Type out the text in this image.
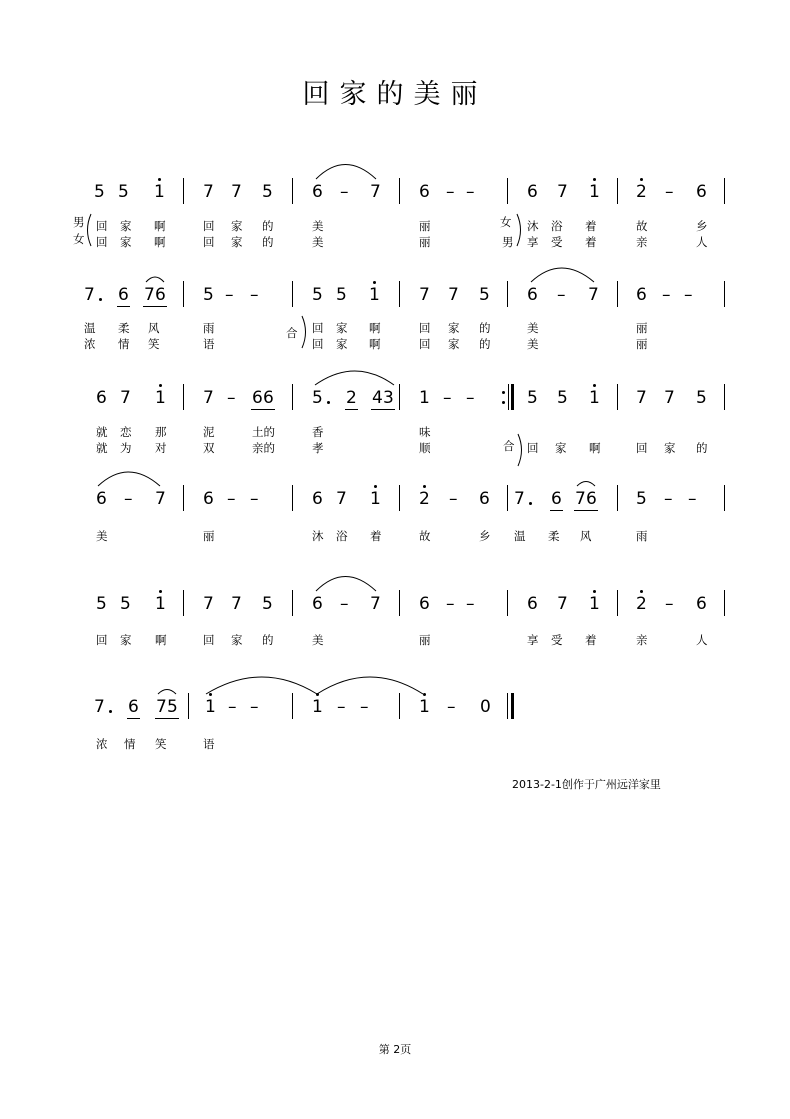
回家的美丽
5 5 1 7 7 5 6 – 7 6 – –	6 7 1 2 – 6
男
女
女
男
回 家 啊	回 家 的	美	丽	沐 浴 着	故	乡
回 家 啊	回 家 的	美	丽	享 受 着	亲	人
7 6 7 6 5 – –	5 5 1 7 7 5 6 – 7 6 – –
合
温 柔 风	雨	回 家 啊	回 家 的	美	丽
浓 情 笑	语	回 家 啊	回 家 的	美	丽
6 7 1 7 – 6 6 5 2 4 3 1 – –	5 5 1 7 7 5
合
就 恋 那	泥	土的	香	味
就 为 对	双	亲的	孝	顺	回 家 啊	回 家 的
6 – 7 6 – –	6 7 1 2 – 6 7 6 7 6 5 – –
美	丽	沐 浴 着	故	乡 温 柔 风	雨
5 5 1 7 7 5 6 – 7 6 – –	6 7 1 2 – 6
回 家 啊	回 家 的	美	丽	享 受 着	亲	人
7 6 7 5 1 – –	1 – –	1 – 0
浓 情 笑	语
2013-2-1创作于广州远洋家里
第 2页
